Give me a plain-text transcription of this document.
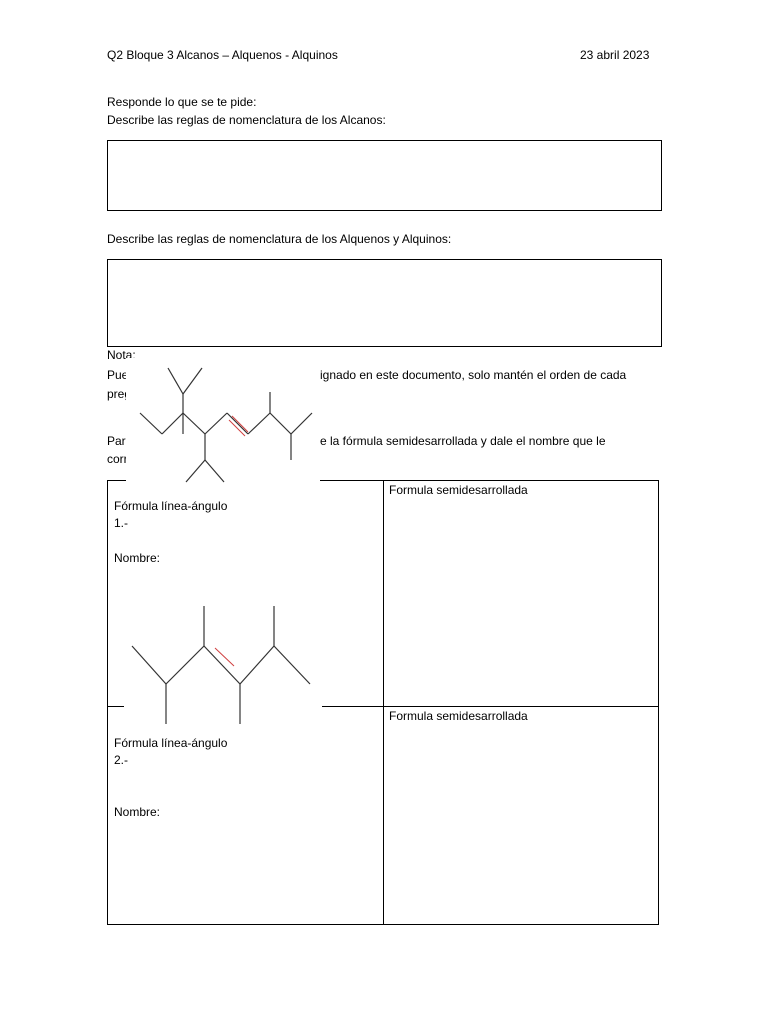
Q2 Bloque 3 Alcanos – Alquenos - Alquinos	23 abril 2023
Responde lo que se te pide:
Describe las reglas de nomenclatura de los Alcanos:
Describe las reglas de nomenclatura de los Alquenos y Alquinos:
Nota:
Pued	ignado en este documento, solo mantén el orden de cada
pregu
Para	e la fórmula semidesarrollada y dale el nombre que le
corre
Formula semidesarrollada
Fórmula línea-ángulo
1.-
Nombre:
Formula semidesarrollada
Fórmula línea-ángulo
2.-
Nombre:
